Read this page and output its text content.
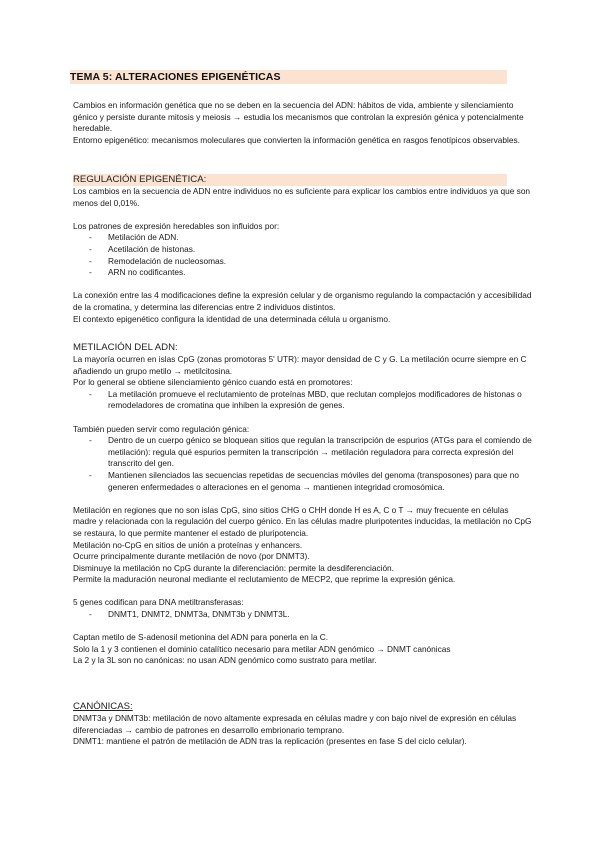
TEMA 5: ALTERACIONES EPIGENÉTICAS

Cambios en información genética que no se deben en la secuencia del ADN: hábitos de vida, ambiente y silenciamiento génico y persiste durante mitosis y meiosis → estudia los mecanismos que controlan la expresión génica y potencialmente heredable.

Entorno epigenético: mecanismos moleculares que convierten la información genética en rasgos fenotípicos observables.

REGULACIÓN EPIGENÉTICA:

Los cambios en la secuencia de ADN entre individuos no es suficiente para explicar los cambios entre individuos ya que son menos del 0,01%.

Los patrones de expresión heredables son influidos por:

- Metilación de ADN.
- Acetilación de histonas.
- Remodelación de nucleosomas.
- ARN no codificantes.

La conexión entre las 4 modificaciones define la expresión celular y de organismo regulando la compactación y accesibilidad de la cromatina, y determina las diferencias entre 2 individuos distintos.

El contexto epigenético configura la identidad de una determinada célula u organismo.

METILACIÓN DEL ADN:

La mayoría ocurren en islas CpG (zonas promotoras 5' UTR): mayor densidad de C y G. La metilación ocurre siempre en C añadiendo un grupo metilo → metilcitosina.

Por lo general se obtiene silenciamiento génico cuando está en promotores:

- La metilación promueve el reclutamiento de proteínas MBD, que reclutan complejos modificadores de histonas o remodeladores de cromatina que inhiben la expresión de genes.

También pueden servir como regulación génica:

- Dentro de un cuerpo génico se bloquean sitios que regulan la transcripción de espurios (ATGs para el comiendo de metilación): regula qué espurios permiten la transcripción → metilación reguladora para correcta expresión del transcrito del gen.
- Mantienen silenciados las secuencias repetidas de secuencias móviles del genoma (transposones) para que no generen enfermedades o alteraciones en el genoma → mantienen integridad cromosómica.

Metilación en regiones que no son islas CpG, sino sitios CHG o CHH donde H es A, C o T → muy frecuente en células madre y relacionada con la regulación del cuerpo génico. En las células madre pluripotentes inducidas, la metilación no CpG se restaura, lo que permite mantener el estado de pluripotencia.

Metilación no-CpG en sitios de unión a proteínas y enhancers.

Ocurre principalmente durante metilación de novo (por DNMT3).

Disminuye la metilación no CpG durante la diferenciación: permite la desdiferenciación.

Permite la maduración neuronal mediante el reclutamiento de MECP2, que reprime la expresión génica.

5 genes codifican para DNA metiltransferasas:

- DNMT1, DNMT2, DNMT3a, DNMT3b y DNMT3L.

Captan metilo de S-adenosil metionina del ADN para ponerla en la C.

Solo la 1 y 3 contienen el dominio catalítico necesario para metilar ADN genómico → DNMT canónicas

La 2 y la 3L son no canónicas: no usan ADN genómico como sustrato para metilar.

CANÓNICAS:

DNMT3a y DNMT3b: metilación de novo altamente expresada en células madre y con bajo nivel de expresión en células diferenciadas → cambio de patrones en desarrollo embrionario temprano.

DNMT1: mantiene el patrón de metilación de ADN tras la replicación (presentes en fase S del ciclo celular).
